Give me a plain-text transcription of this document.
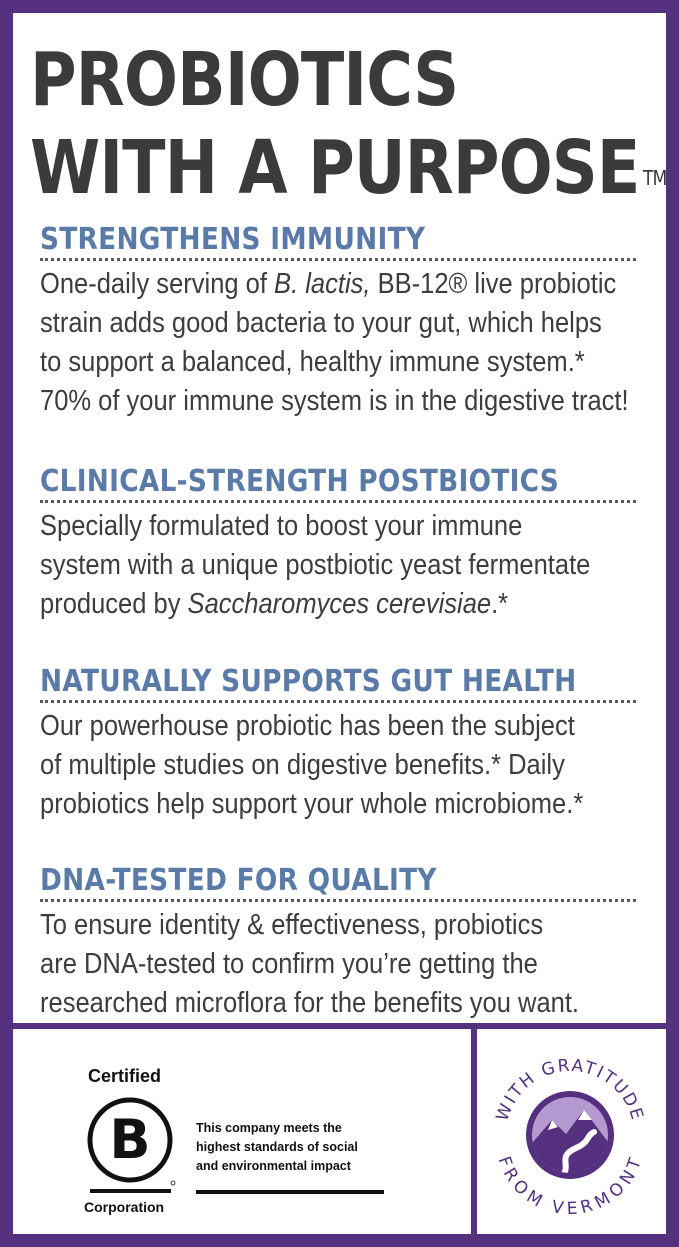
PROBIOTICS
WITH A PURPOSE ™
STRENGTHENS IMMUNITY

One-daily serving of B. lactis, BB-12® live probiotic
strain adds good bacteria to your gut, which helps
to support a balanced, healthy immune system.*
70% of your immune system is in the digestive tract!

CLINICAL-STRENGTH POSTBIOTICS

Specially formulated to boost your immune
system with a unique postbiotic yeast fermentate
produced by Saccharomyces cerevisiae.*

NATURALLY SUPPORTS GUT HEALTH

Our powerhouse probiotic has been the subject
of multiple studies on digestive benefits.* Daily
probiotics help support your whole microbiome.*

DNA-TESTED FOR QUALITY

To ensure identity & effectiveness, probiotics
are DNA-tested to confirm you’re getting the
researched microflora for the benefits you want.

Certified
B
Corporation
This company meets the
highest standards of social
and environmental impact
WITH GRATITUDE
FROM VERMONT
